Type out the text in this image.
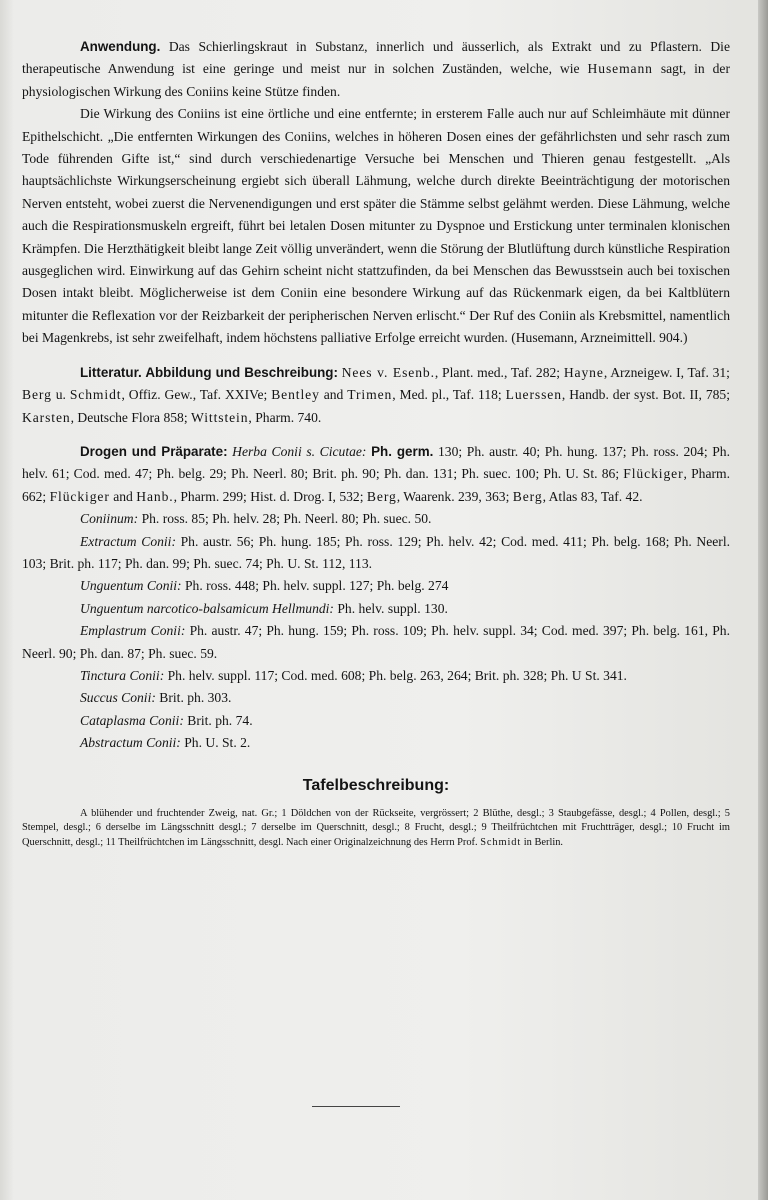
Anwendung. Das Schierlingskraut in Substanz, innerlich und äusserlich, als Extrakt und zu Pflastern. Die therapeutische Anwendung ist eine geringe und meist nur in solchen Zuständen, welche, wie Husemann sagt, in der physiologischen Wirkung des Coniins keine Stütze finden.

Die Wirkung des Coniins ist eine örtliche und eine entfernte; in ersterem Falle auch nur auf Schleimhäute mit dünner Epithelschicht. „Die entfernten Wirkungen des Coniins, welches in höheren Dosen eines der gefährlichsten und sehr rasch zum Tode führenden Gifte ist,“ sind durch verschiedenartige Versuche bei Menschen und Thieren genau festgestellt. „Als hauptsächlichste Wirkungserscheinung ergiebt sich überall Lähmung, welche durch direkte Beeinträchtigung der motorischen Nerven entsteht, wobei zuerst die Nervenendigungen und erst später die Stämme selbst gelähmt werden. Diese Lähmung, welche auch die Respirationsmuskeln ergreift, führt bei letalen Dosen mitunter zu Dyspnoe und Erstickung unter terminalen klonischen Krämpfen. Die Herzthätigkeit bleibt lange Zeit völlig unverändert, wenn die Störung der Blutlüftung durch künstliche Respiration ausgeglichen wird. Einwirkung auf das Gehirn scheint nicht stattzufinden, da bei Menschen das Bewusstsein auch bei toxischen Dosen intakt bleibt. Möglicherweise ist dem Coniin eine besondere Wirkung auf das Rückenmark eigen, da bei Kaltblütern mitunter die Reflexation vor der Reizbarkeit der peripherischen Nerven erlischt.“ Der Ruf des Coniin als Krebsmittel, namentlich bei Magenkrebs, ist sehr zweifelhaft, indem höchstens palliative Erfolge erreicht wurden. (Husemann, Arzneimittell. 904.)

Litteratur. Abbildung und Beschreibung: Nees v. Esenb., Plant. med., Taf. 282; Hayne, Arzneigew. I, Taf. 31; Berg u. Schmidt, Offiz. Gew., Taf. XXIVe; Bentley and Trimen, Med. pl., Taf. 118; Luerssen, Handb. der syst. Bot. II, 785; Karsten, Deutsche Flora 858; Wittstein, Pharm. 740.

Drogen und Präparate: Herba Conii s. Cicutae: Ph. germ. 130; Ph. austr. 40; Ph. hung. 137; Ph. ross. 204; Ph. helv. 61; Cod. med. 47; Ph. belg. 29; Ph. Neerl. 80; Brit. ph. 90; Ph. dan. 131; Ph. suec. 100; Ph. U. St. 86; Flückiger, Pharm. 662; Flückiger and Hanb., Pharm. 299; Hist. d. Drog. I, 532; Berg, Waarenk. 239, 363; Berg, Atlas 83, Taf. 42.

Coniinum: Ph. ross. 85; Ph. helv. 28; Ph. Neerl. 80; Ph. suec. 50.

Extractum Conii: Ph. austr. 56; Ph. hung. 185; Ph. ross. 129; Ph. helv. 42; Cod. med. 411; Ph. belg. 168; Ph. Neerl. 103; Brit. ph. 117; Ph. dan. 99; Ph. suec. 74; Ph. U. St. 112, 113.

Unguentum Conii: Ph. ross. 448; Ph. helv. suppl. 127; Ph. belg. 274

Unguentum narcotico-balsamicum Hellmundi: Ph. helv. suppl. 130.

Emplastrum Conii: Ph. austr. 47; Ph. hung. 159; Ph. ross. 109; Ph. helv. suppl. 34; Cod. med. 397; Ph. belg. 161, Ph. Neerl. 90; Ph. dan. 87; Ph. suec. 59.

Tinctura Conii: Ph. helv. suppl. 117; Cod. med. 608; Ph. belg. 263, 264; Brit. ph. 328; Ph. U St. 341.

Succus Conii: Brit. ph. 303.

Cataplasma Conii: Brit. ph. 74.

Abstractum Conii: Ph. U. St. 2.

Tafelbeschreibung:

A blühender und fruchtender Zweig, nat. Gr.; 1 Döldchen von der Rückseite, vergrössert; 2 Blüthe, desgl.; 3 Staubgefässe, desgl.; 4 Pollen, desgl.; 5 Stempel, desgl.; 6 derselbe im Längsschnitt desgl.; 7 derselbe im Querschnitt, desgl.; 8 Frucht, desgl.; 9 Theilfrüchtchen mit Fruchtträger, desgl.; 10 Frucht im Querschnitt, desgl.; 11 Theilfrüchtchen im Längsschnitt, desgl. Nach einer Originalzeichnung des Herrn Prof. Schmidt in Berlin.
